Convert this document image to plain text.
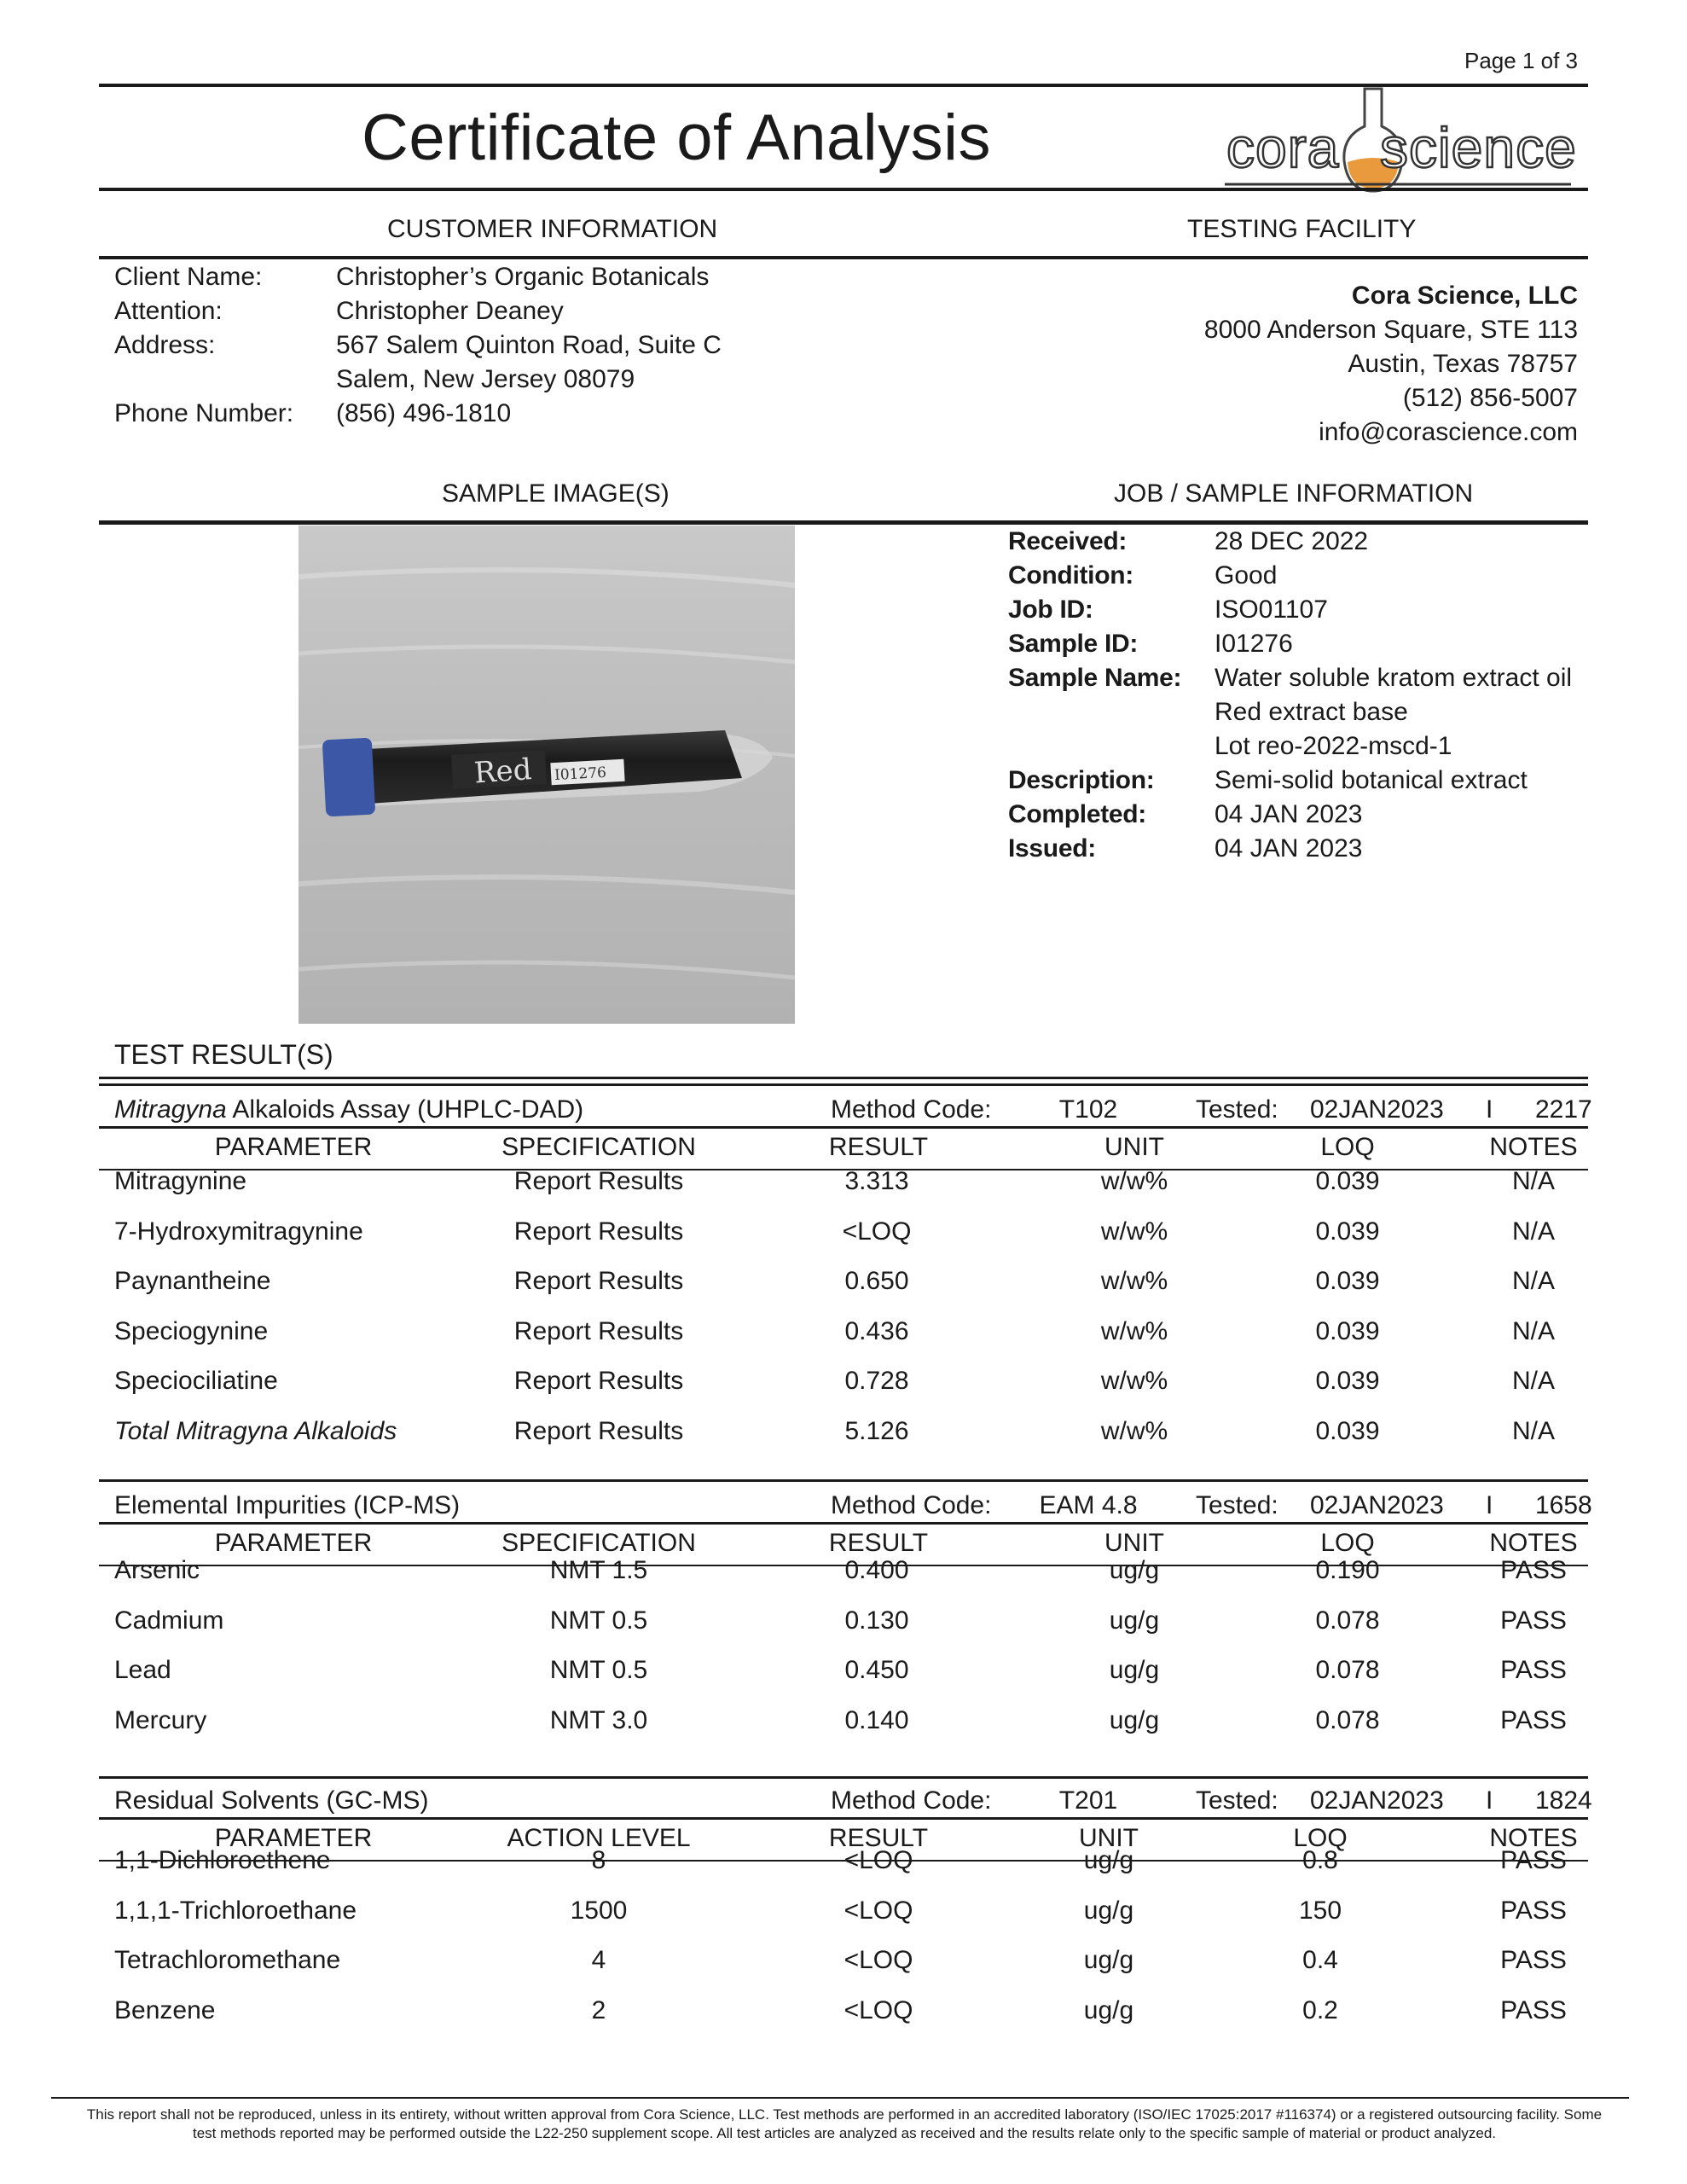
Page 1 of 3
Certificate of Analysis	cora science
CUSTOMER INFORMATION	TESTING FACILITY
Client Name:	Christopher’s Organic Botanicals
Attention:	Christopher Deaney
Address:	567 Salem Quinton Road, Suite C
Salem, New Jersey 08079
Phone Number: (856) 496-1810
Cora Science, LLC
8000 Anderson Square, STE 113
Austin, Texas 78757
(512) 856-5007
info@corascience.com
SAMPLE IMAGE(S)	JOB / SAMPLE INFORMATION
Red I01276
Received:	28 DEC 2022
Condition:	Good
Job ID:	ISO01107
Sample ID:	I01276
Sample Name: Water soluble kratom extract oil
Red extract base
Lot reo-2022-mscd-1
Description: Semi-solid botanical extract
Completed:	04 JAN 2023
Issued:	04 JAN 2023
TEST RESULT(S)
Mitragyna Alkaloids Assay (UHPLC-DAD)	Method Code:	T102	Tested: 02JAN2023 I 2217
PARAMETER	SPECIFICATION	RESULT	UNIT	LOQ	NOTES
Mitragynine	Report Results	3.313	w/w%	0.039	N/A
7-Hydroxymitragynine	Report Results	<LOQ	w/w%	0.039	N/A
Paynantheine	Report Results	0.650	w/w%	0.039	N/A
Speciogynine	Report Results	0.436	w/w%	0.039	N/A
Speciociliatine	Report Results	0.728	w/w%	0.039	N/A
Total Mitragyna Alkaloids	Report Results	5.126	w/w%	0.039	N/A
Elemental Impurities (ICP-MS)	Method Code: EAM 4.8 Tested: 02JAN2023 I 1658
PARAMETER	SPECIFICATION	RESULT	UNIT	LOQ	NOTES
Arsenic	NMT 1.5	0.400	ug/g	0.190	PASS
Cadmium	NMT 0.5	0.130	ug/g	0.078	PASS
Lead	NMT 0.5	0.450	ug/g	0.078	PASS
Mercury	NMT 3.0	0.140	ug/g	0.078	PASS
Residual Solvents (GC-MS)	Method Code:	T201	Tested: 02JAN2023 I 1824
PARAMETER	ACTION LEVEL	RESULT	UNIT	LOQ	NOTES
1,1-Dichloroethene	8	<LOQ	ug/g	0.8	PASS
1,1,1-Trichloroethane	1500	<LOQ	ug/g	150	PASS
Tetrachloromethane	4	<LOQ	ug/g	0.4	PASS
Benzene	2	<LOQ	ug/g	0.2	PASS
This report shall not be reproduced, unless in its entirety, without written approval from Cora Science, LLC. Test methods are performed in an accredited laboratory (ISO/IEC 17025:2017 #116374) or a registered outsourcing facility. Some test methods reported may be performed outside the L22-250 supplement scope. All test articles are analyzed as received and the results relate only to the specific sample of material or product analyzed.
